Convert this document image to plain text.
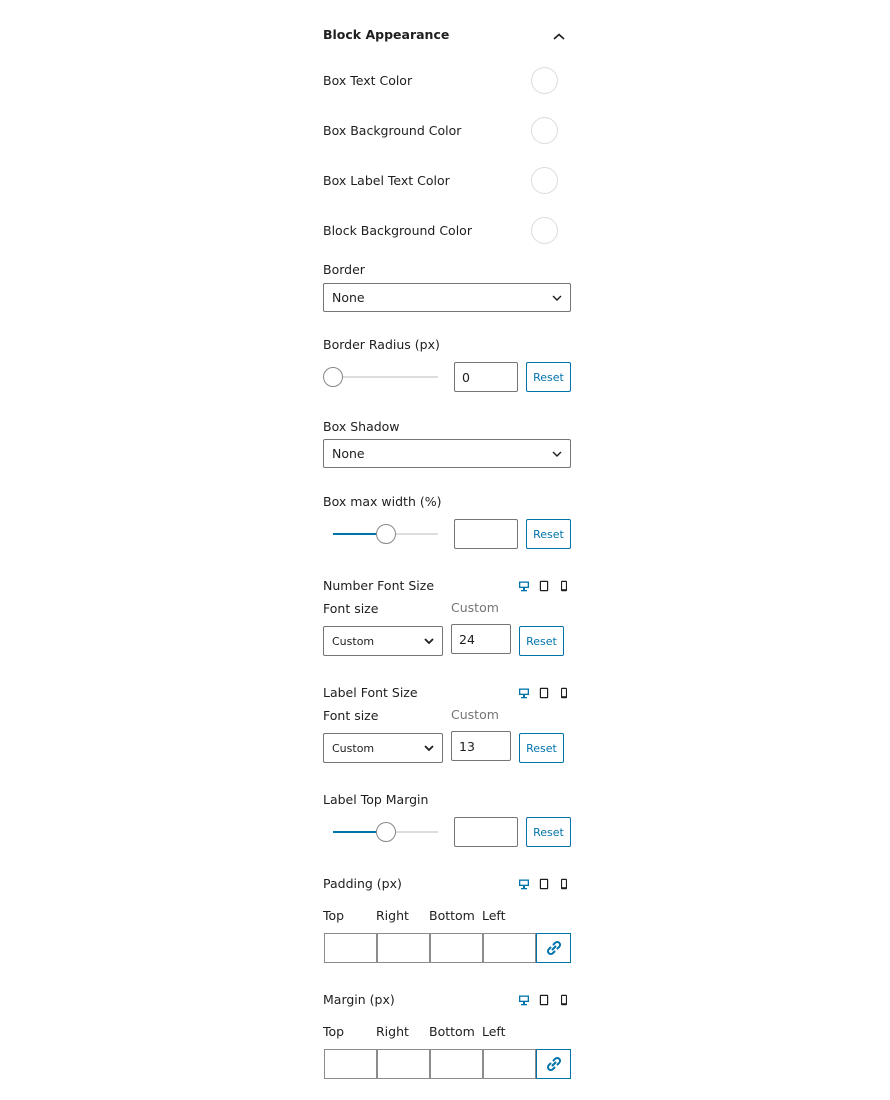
Block Appearance
Box Text Color
Box Background Color
Box Label Text Color
Block Background Color
Border
None
Border Radius (px)
0	Reset
Box Shadow
None
Box max width (%)
Reset
Number Font Size
Font size	Custom
Custom	24	Reset
Label Font Size
Font size	Custom
Custom	13	Reset
Label Top Margin
Reset
Padding (px)
Top	Right Bottom Left
Margin (px)
Top	Right Bottom Left
